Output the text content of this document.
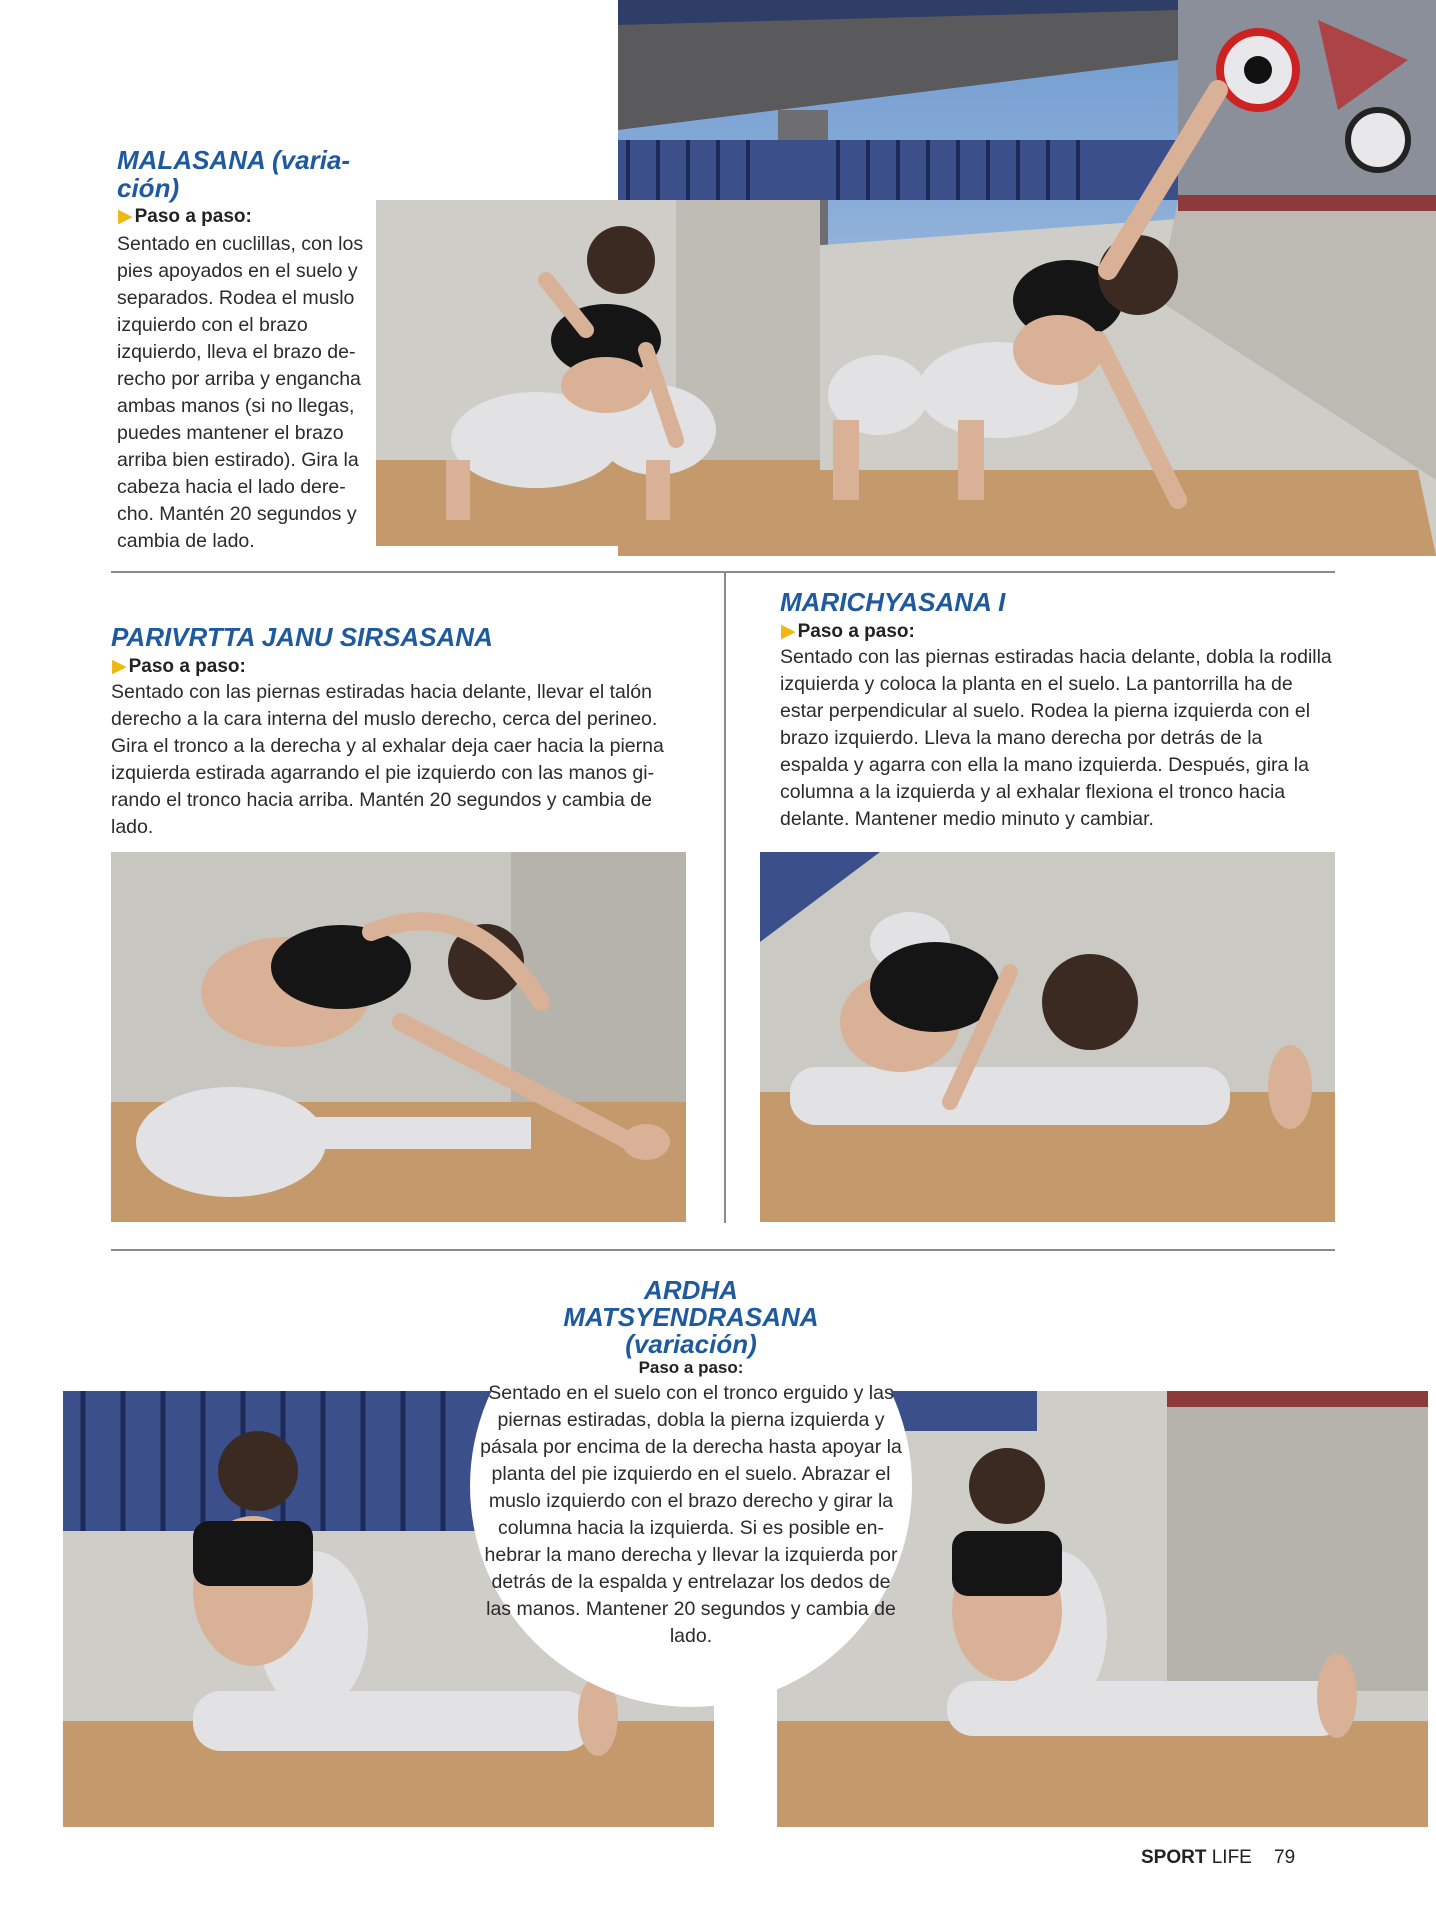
MALASANA (varia-ción)
▶ Paso a paso:
Sentado en cuclillas, con los pies apoyados en el suelo y separados. Rodea el muslo izquierdo con el brazo izquierdo, lleva el brazo de-recho por arriba y engancha ambas manos (si no llegas, puedes mantener el brazo arriba bien estirado). Gira la cabeza hacia el lado dere-cho. Mantén 20 segundos y cambia de lado.
PARIVRTTA JANU SIRSASANA
▶ Paso a paso:
Sentado con las piernas estiradas hacia delante, llevar el talón derecho a la cara interna del muslo derecho, cerca del perineo. Gira el tronco a la derecha y al exhalar deja caer hacia la pierna izquierda estirada agarrando el pie izquierdo con las manos gi-rando el tronco hacia arriba. Mantén 20 segundos y cambia de lado.
MARICHYASANA I
▶ Paso a paso:
Sentado con las piernas estiradas hacia delante, dobla la rodilla izquierda y coloca la planta en el suelo. La pantorrilla ha de estar perpendicular al suelo. Rodea la pierna izquierda con el brazo izquierdo. Lleva la mano derecha por detrás de la espalda y agarra con ella la mano izquierda. Después, gira la columna a la izquierda y al exhalar flexiona el tronco hacia delante. Mantener medio minuto y cambiar.
ARDHA
MATSYENDRASANA
(variación)
Paso a paso:
Sentado en el suelo con el tronco erguido y las piernas estiradas, dobla la pierna izquierda y pásala por encima de la derecha hasta apoyar la planta del pie izquierdo en el suelo. Abrazar el muslo izquierdo con el brazo derecho y girar la columna hacia la izquierda. Si es posible en-hebrar la mano derecha y llevar la izquierda por detrás de la espalda y entrelazar los dedos de las manos. Mantener 20 segundos y cambia de lado.
SPORT LIFE 79
